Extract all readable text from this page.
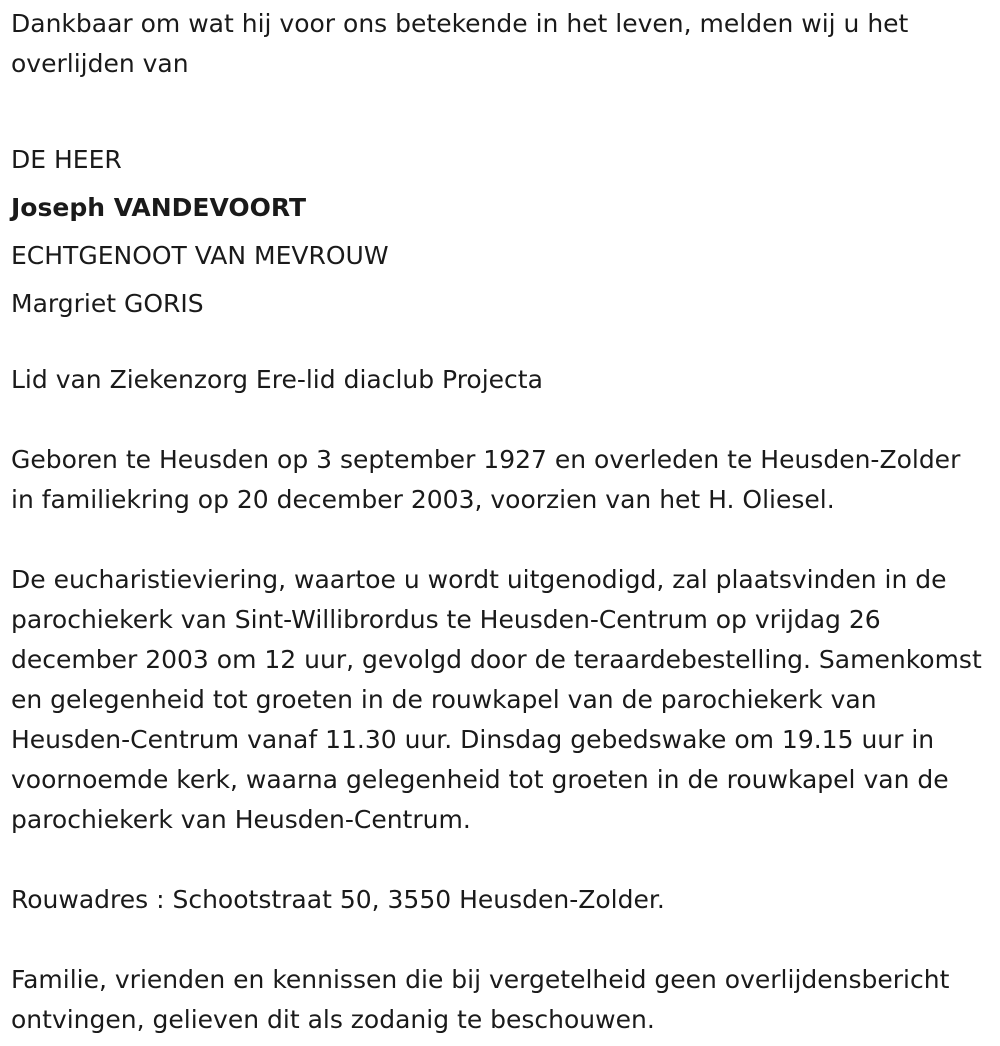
Dankbaar om wat hij voor ons betekende in het leven, melden wij u het overlijden van

DE HEER
Joseph VANDEVOORT
ECHTGENOOT VAN MEVROUW
Margriet GORIS

Lid van Ziekenzorg Ere-lid diaclub Projecta

Geboren te Heusden op 3 september 1927 en overleden te Heusden-Zolder in familiekring op 20 december 2003, voorzien van het H. Oliesel.

De eucharistieviering, waartoe u wordt uitgenodigd, zal plaatsvinden in de parochiekerk van Sint-Willibrordus te Heusden-Centrum op vrijdag 26 december 2003 om 12 uur, gevolgd door de teraardebestelling. Samenkomst en gelegenheid tot groeten in de rouwkapel van de parochiekerk van Heusden-Centrum vanaf 11.30 uur. Dinsdag gebedswake om 19.15 uur in voornoemde kerk, waarna gelegenheid tot groeten in de rouwkapel van de parochiekerk van Heusden-Centrum.

Rouwadres : Schootstraat 50, 3550 Heusden-Zolder.

Familie, vrienden en kennissen die bij vergetelheid geen overlijdensbericht ontvingen, gelieven dit als zodanig te beschouwen.
